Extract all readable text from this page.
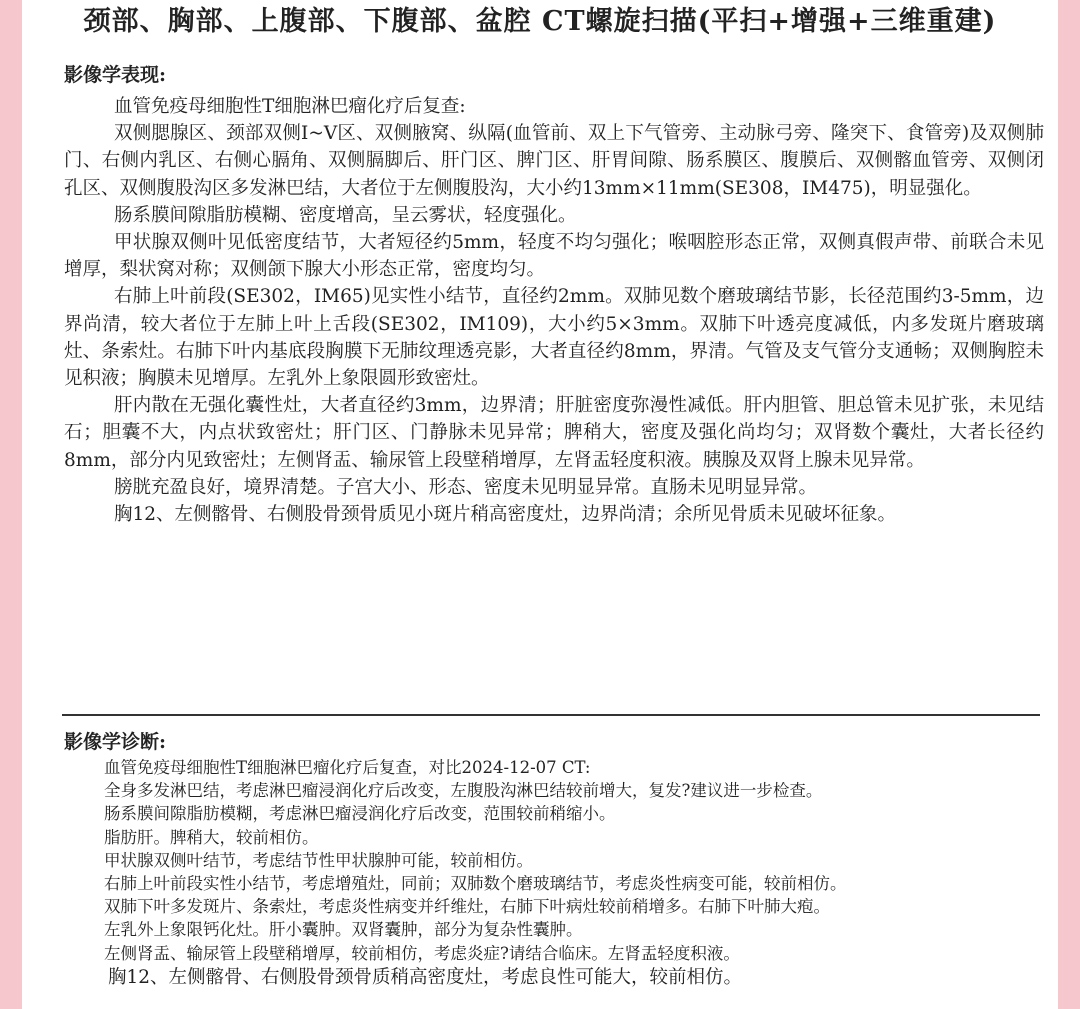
颈部、胸部、上腹部、下腹部、盆腔 CT螺旋扫描(平扫+增强+三维重建)
影像学表现:

血管免疫母细胞性T细胞淋巴瘤化疗后复查:

双侧腮腺区、颈部双侧I~V区、双侧腋窝、纵隔(血管前、双上下气管旁、主动脉弓旁、隆突下、食管旁)及双侧肺门、右侧内乳区、右侧心膈角、双侧膈脚后、肝门区、脾门区、肝胃间隙、肠系膜区、腹膜后、双侧髂血管旁、双侧闭孔区、双侧腹股沟区多发淋巴结，大者位于左侧腹股沟，大小约13mm×11mm(SE308，IM475)，明显强化。

肠系膜间隙脂肪模糊、密度增高，呈云雾状，轻度强化。

甲状腺双侧叶见低密度结节，大者短径约5mm，轻度不均匀强化；喉咽腔形态正常，双侧真假声带、前联合未见增厚，梨状窝对称；双侧颌下腺大小形态正常，密度均匀。

右肺上叶前段(SE302，IM65)见实性小结节，直径约2mm。双肺见数个磨玻璃结节影，长径范围约3-5mm，边界尚清，较大者位于左肺上叶上舌段(SE302，IM109)，大小约5×3mm。双肺下叶透亮度减低，内多发斑片磨玻璃灶、条索灶。右肺下叶内基底段胸膜下无肺纹理透亮影，大者直径约8mm，界清。气管及支气管分支通畅；双侧胸腔未见积液；胸膜未见增厚。左乳外上象限圆形致密灶。

肝内散在无强化囊性灶，大者直径约3mm，边界清；肝脏密度弥漫性减低。肝内胆管、胆总管未见扩张，未见结石；胆囊不大，内点状致密灶；肝门区、门静脉未见异常；脾稍大，密度及强化尚均匀；双肾数个囊灶，大者长径约8mm，部分内见致密灶；左侧肾盂、输尿管上段壁稍增厚，左肾盂轻度积液。胰腺及双肾上腺未见异常。

膀胱充盈良好，境界清楚。子宫大小、形态、密度未见明显异常。直肠未见明显异常。

胸12、左侧髂骨、右侧股骨颈骨质见小斑片稍高密度灶，边界尚清；余所见骨质未见破坏征象。

影像学诊断:

血管免疫母细胞性T细胞淋巴瘤化疗后复查，对比2024-12-07 CT:

全身多发淋巴结，考虑淋巴瘤浸润化疗后改变，左腹股沟淋巴结较前增大，复发?建议进一步检查。

肠系膜间隙脂肪模糊，考虑淋巴瘤浸润化疗后改变，范围较前稍缩小。

脂肪肝。脾稍大，较前相仿。

甲状腺双侧叶结节，考虑结节性甲状腺肿可能，较前相仿。

右肺上叶前段实性小结节，考虑增殖灶，同前；双肺数个磨玻璃结节，考虑炎性病变可能，较前相仿。

双肺下叶多发斑片、条索灶，考虑炎性病变并纤维灶，右肺下叶病灶较前稍增多。右肺下叶肺大疱。

左乳外上象限钙化灶。肝小囊肿。双肾囊肿，部分为复杂性囊肿。

左侧肾盂、输尿管上段壁稍增厚，较前相仿，考虑炎症?请结合临床。左肾盂轻度积液。

胸12、左侧髂骨、右侧股骨颈骨质稍高密度灶，考虑良性可能大，较前相仿。
